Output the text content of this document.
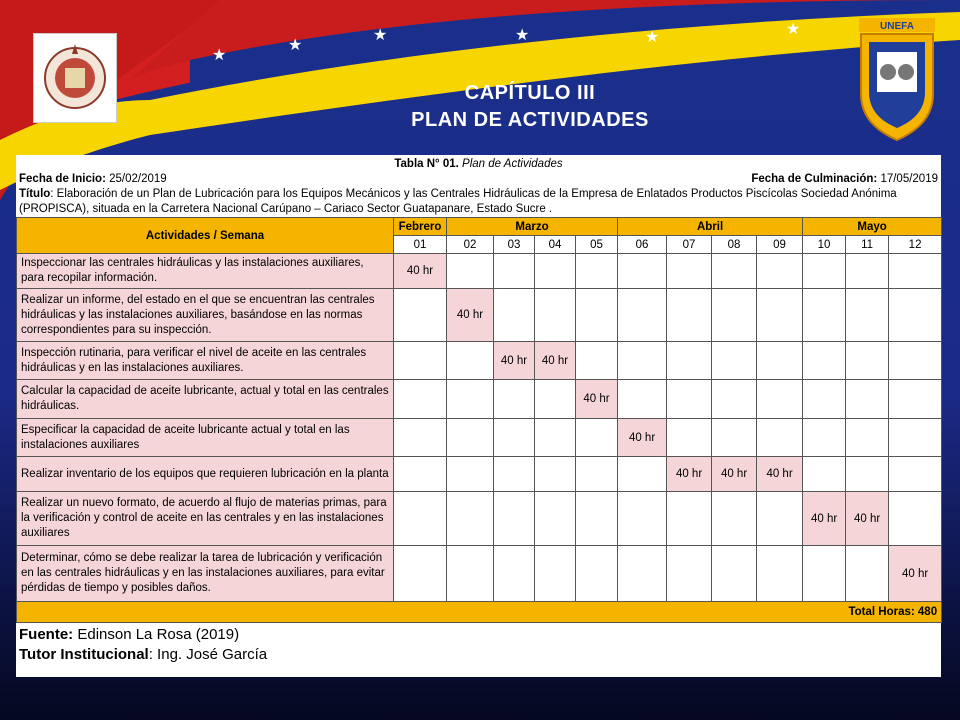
★
★
★	★	★	★	UNEFA
CAPÍTULO III
PLAN DE ACTIVIDADES
Tabla N° 01. Plan de Actividades
Fecha de Inicio: 25/02/2019	Fecha de Culminación: 17/05/2019
Título: Elaboración de un Plan de Lubricación para los Equipos Mecánicos y las Centrales Hidráulicas de la Empresa de Enlatados Productos Piscícolas Sociedad Anónima (PROPISCA), situada en la Carretera Nacional Carúpano – Cariaco Sector Guatapanare, Estado Sucre .
Actividades / Semana	Febrero	Marzo				Abril				Mayo		
	01	02	03	04	05	06	07	08	09	10	11	12
Inspeccionar las centrales hidráulicas y las instalaciones auxiliares, para recopilar información.	40 hr											
Realizar un informe, del estado en el que se encuentran las centrales hidráulicas y las instalaciones auxiliares, basándose en las normas correspondientes para su inspección.		40 hr										
Inspección rutinaria, para verificar el nivel de aceite en las centrales hidráulicas y en las instalaciones auxiliares.			40 hr	40 hr								
Calcular la capacidad de aceite lubricante, actual y total en las centrales hidráulicas.					40 hr							
Especificar la capacidad de aceite lubricante actual y total en las instalaciones auxiliares						40 hr						
Realizar inventario de los equipos que requieren lubricación en la planta							40 hr	40 hr	40 hr			
Realizar un nuevo formato, de acuerdo al flujo de materias primas, para la verificación y control de aceite en las centrales y en las instalaciones auxiliares										40 hr	40 hr	
Determinar, cómo se debe realizar la tarea de lubricación y verificación en las centrales hidráulicas y en las instalaciones auxiliares, para evitar pérdidas de tiempo y posibles daños.												40 hr
Total Horas: 480												
Fuente: Edinson La Rosa (2019)
Tutor Institucional: Ing. José García
